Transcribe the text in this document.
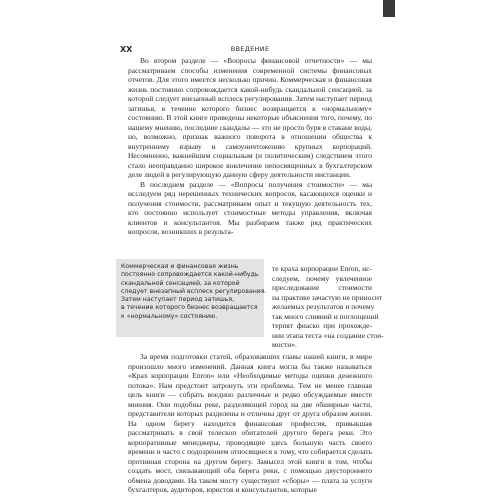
XX	ВВЕДЕНИЕ

Во втором разделе — «Вопросы финансовой отчетности» — мы рассматриваем способы изменения современной системы финансовых отчетов. Для этого имеется несколько причин. Коммерческая и финансовая жизнь постоянно сопровождается какой-нибудь скандальной сенсацией, за которой следует внезапный всплеск регулирования. Затем наступает период затишья, в течение которого бизнес возвращается к «нормальному» состоянию. В этой книге приведены некоторые объяснения того, почему, по нашему мнению, последние скандалы — это не просто буря в стакане воды, но, возможно, признак важного поворота в отношении общества к внутреннему взрыву и самоуничтожению крупных корпораций. Несомненно, важнейшим социальным (и политическим) следствием этого стало неоправданно широкое вовлечение непосвященных в бухгалтерском деле людей в регулирующую данную сферу деятельности инстанции.

В последнем разделе — «Вопросы получения стоимости» — мы исследуем ряд нерешенных технических вопросов, касающихся оценки и получения стоимости, рассматриваем опыт и текущую деятельность тех, кто постоянно использует стоимостные методы управления, включая клиентов и консультантов. Мы разбираем также ряд практических вопросов, возникших в результа-

Коммерческая и финансовая жизнь
постоянно сопровождается какой-нибудь
скандальной сенсацией, за которой
следует внезапный всплеск регулирования.
Затем наступает период затишья,
в течение которого бизнес возвращается
к «нормальному» состоянию.
те краха корпорации Enron, ис-
следуем, почему увлеченное
преследование стоимости
на практике зачастую не приносит
желаемых результатов и почему
так много слияний и поглощений
терпят фиаско при прохожде-
нии этапа теста «на создание стои-
мости».

За время подготовки статей, образовавших главы нашей книги, в мире произошло много изменений. Данная книга могла бы также называться «Крах корпорации Enron» или «Необходимые методы оценки денежного потока». Нам предстоит затронуть эти проблемы. Тем не менее главная цель книги — собрать воедино различные и редко обсуждаемые вместе мнения. Они подобны реке, разделяющей город на две обширные части, представители которых разделены и отличны друг от друга образом жизни. На одном берегу находится финансовая профессия, привыкшая рассматривать в свой телескоп обитателей другого берега реки. Это корпоративные менеджеры, проводящие здесь большую часть своего времени и часто с подозрением относящиеся к тому, что собирается сделать противная сторона на другом берегу. Замысел этой книги в том, чтобы создать мост, связывающий оба берега реки, с помощью двустороннего обмена доводами. На таком мосту существуют «сборы» — плата за услуги бухгалтеров, аудиторов, юристов и консультантов, которые
